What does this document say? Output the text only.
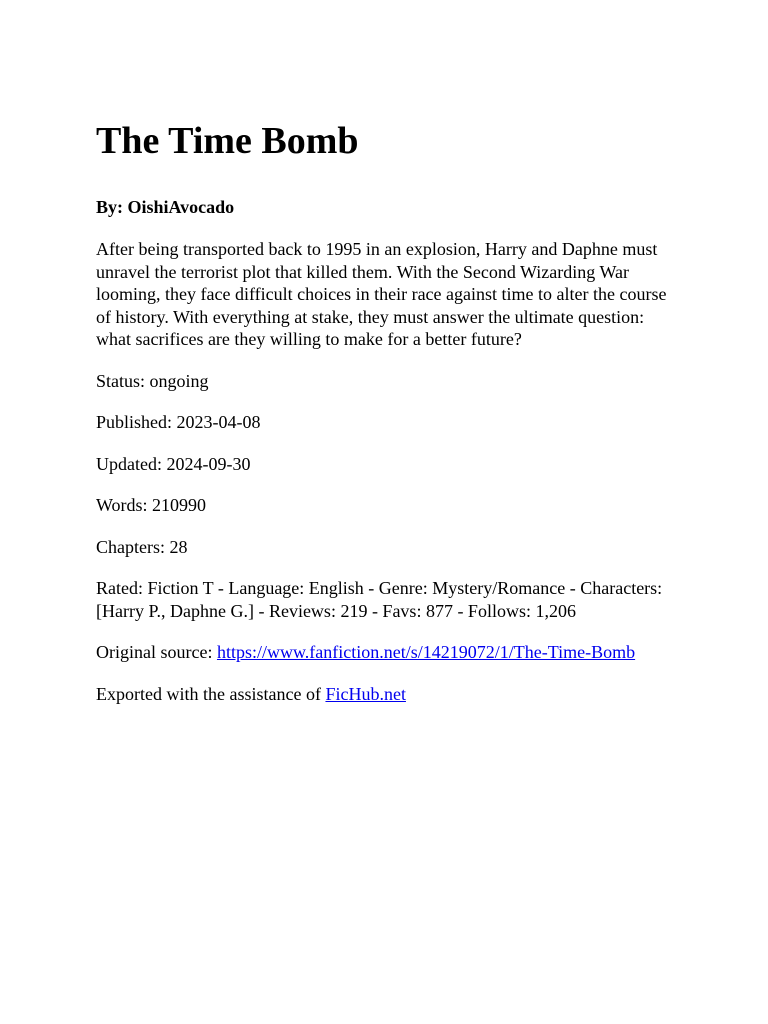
The Time Bomb
By: OishiAvocado

After being transported back to 1995 in an explosion, Harry and Daphne must unravel the terrorist plot that killed them. With the Second Wizarding War looming, they face difficult choices in their race against time to alter the course of history. With everything at stake, they must answer the ultimate question: what sacrifices are they willing to make for a better future?

Status: ongoing

Published: 2023-04-08

Updated: 2024-09-30

Words: 210990

Chapters: 28

Rated: Fiction T - Language: English - Genre: Mystery/Romance - Characters: [Harry P., Daphne G.] - Reviews: 219 - Favs: 877 - Follows: 1,206

Original source: https://www.fanfiction.net/s/14219072/1/The-Time-Bomb

Exported with the assistance of FicHub.net
